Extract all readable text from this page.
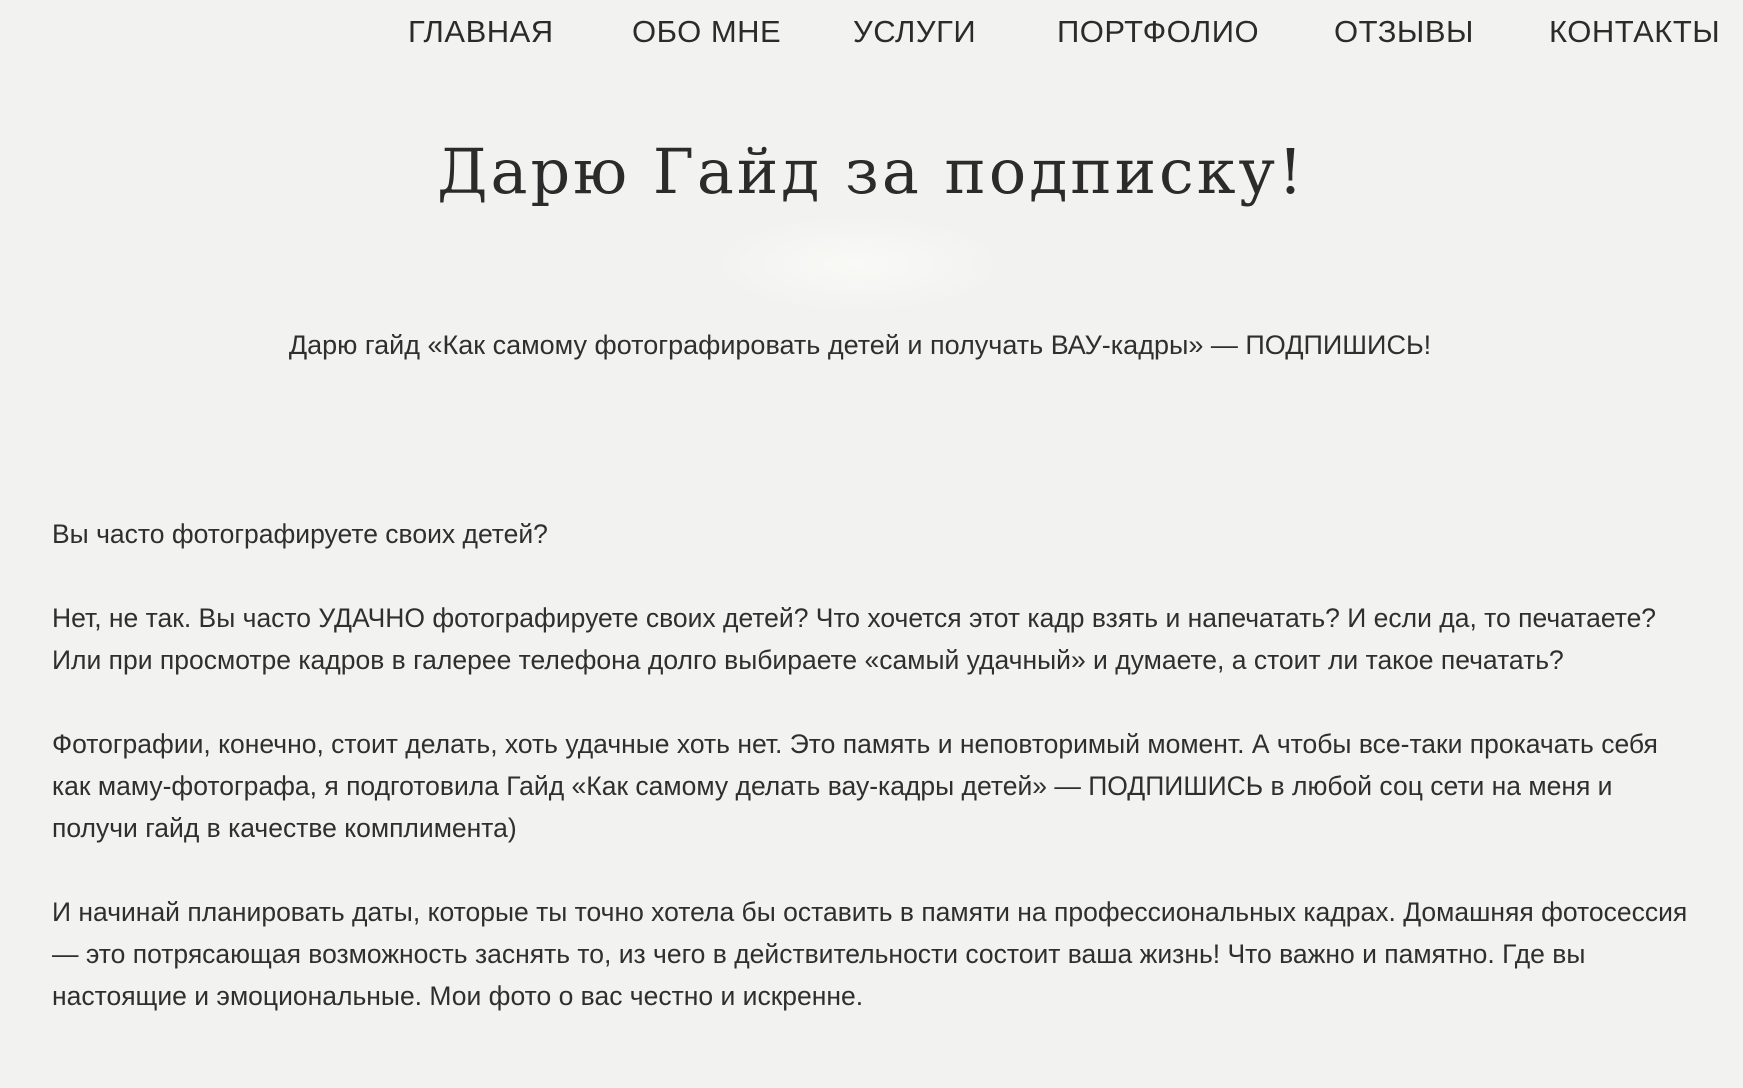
ГЛАВНАЯ	ОБО МНЕ УСЛУГИ	ПОРТФОЛИО ОТЗЫВЫ КОНТАКТЫ
Дарю Гайд за подписку!

Дарю гайд «Как самому фотографировать детей и получать ВАУ-кадры» — ПОДПИШИСЬ!

Вы часто фотографируете своих детей?

Нет, не так. Вы часто УДАЧНО фотографируете своих детей? Что хочется этот кадр взять и напечатать? И если да, то печатаете? Или при просмотре кадров в галерее телефона долго выбираете «самый удачный» и думаете, а стоит ли такое печатать?

Фотографии, конечно, стоит делать, хоть удачные хоть нет. Это память и неповторимый момент. А чтобы все-таки прокачать себя как маму-фотографа, я подготовила Гайд «Как самому делать вау-кадры детей» — ПОДПИШИСЬ в любой соц сети на меня и получи гайд в качестве комплимента)

И начинай планировать даты, которые ты точно хотела бы оставить в памяти на профессиональных кадрах. Домашняя фотосессия — это потрясающая возможность заснять то, из чего в действительности состоит ваша жизнь! Что важно и памятно. Где вы настоящие и эмоциональные. Мои фото о вас честно и искренне.
